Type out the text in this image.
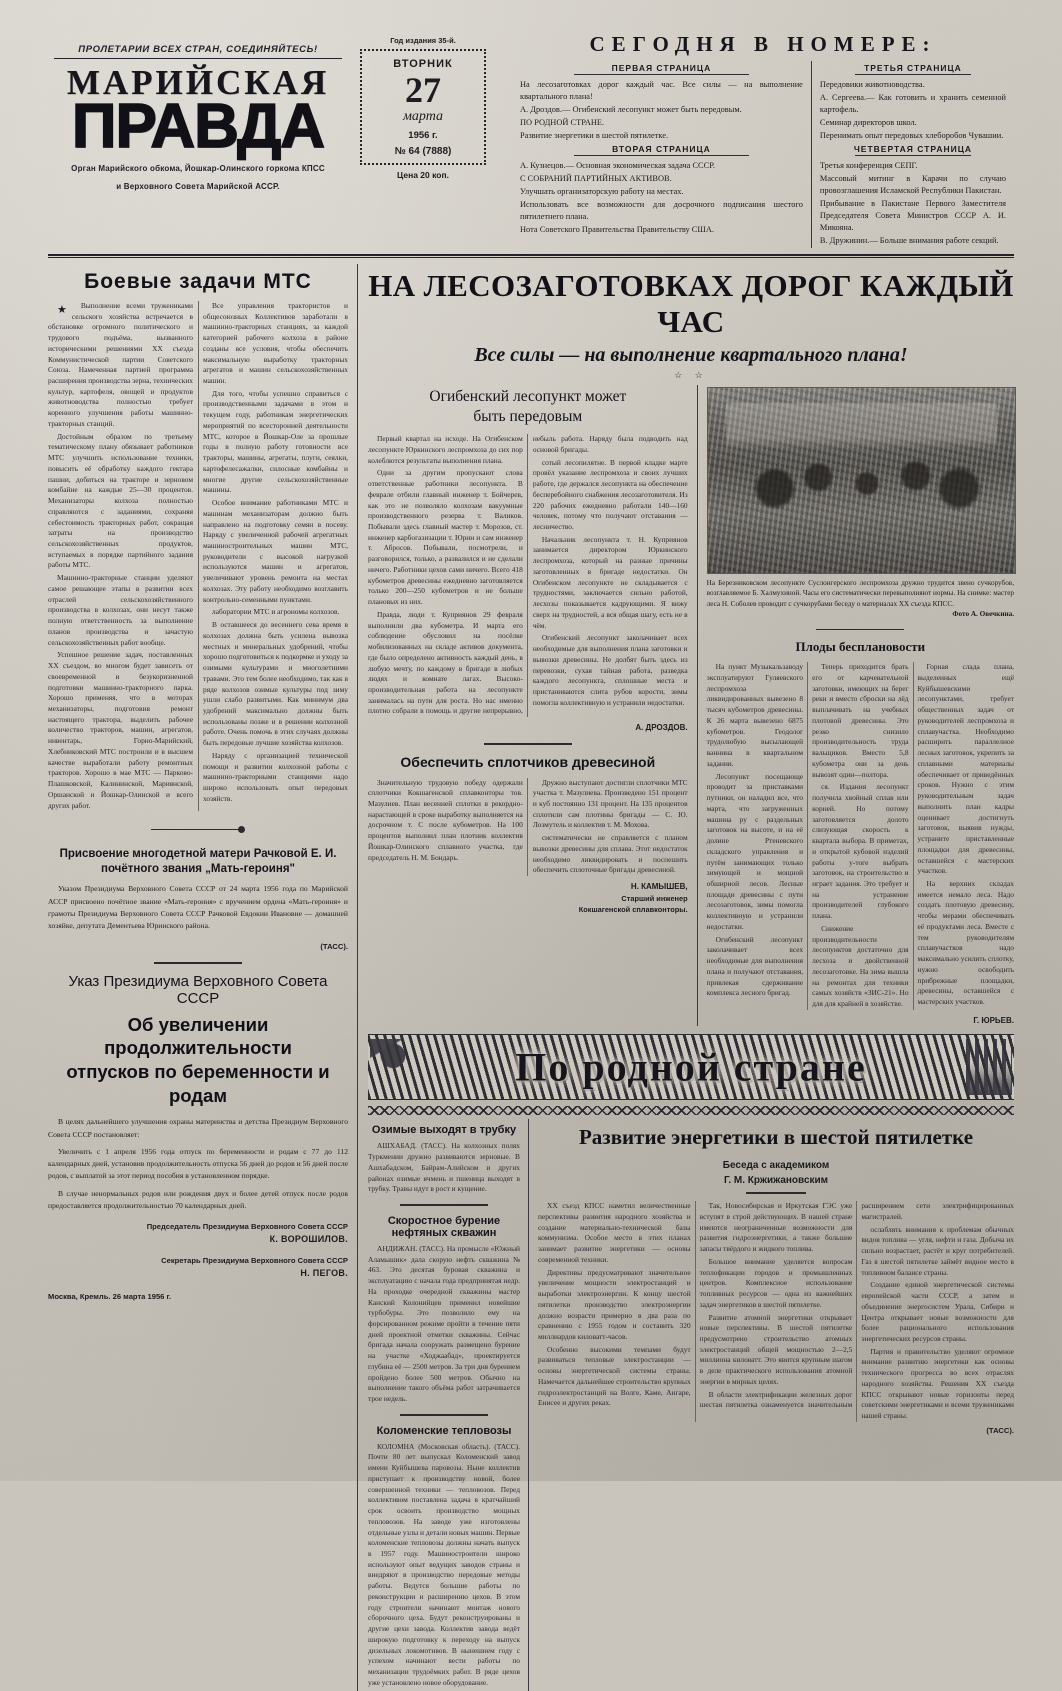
ПРОЛЕТАРИИ ВСЕХ СТРАН, СОЕДИНЯЙТЕСЬ!
МАРИЙСКАЯ
ПРАВДА
Орган Марийского обкома, Йошкар-Олинского горкома КПСС
и Верховного Совета Марийской АССР.
Год издания 35-й.
ВТОРНИК
27
марта
1956 г.
№ 64 (7888)
Цена 20 коп.
СЕГОДНЯ В НОМЕРЕ:
ПЕРВАЯ СТРАНИЦА

На лесозаготовках дорог каждый час. Все силы — на выполнение квартального плана!

А. Дроздов.— Огибенский лесопункт может быть передовым.

ПО РОДНОЙ СТРАНЕ.

Развитие энергетики в шестой пятилетке.

ВТОРАЯ СТРАНИЦА

А. Кузнецов.— Основная экономическая задача СССР.

С СОБРАНИЙ ПАРТИЙНЫХ АКТИВОВ.

Улучшать организаторскую работу на местах.

Использовать все возможности для досрочного подписания шестого пятилетнего плана.

Нота Советского Правительства Правительству США.

ТРЕТЬЯ СТРАНИЦА

Передовики животноводства.

А. Сергеева.— Как готовить и хранить семенной картофель.

Семинар директоров школ.

Перенимать опыт передовых хлеборобов Чувашии.

ЧЕТВЕРТАЯ СТРАНИЦА

Третья конференция СЕПГ.

Массовый митинг в Карачи по случаю провозглашения Исламской Республики Пакистан.

Прибывание в Пакистане Первого Заместителя Председателя Совета Министров СССР А. И. Микояна.

В. Дружинин.— Больше внимания работе секций.

Боевые задачи МТС

★ Выполнение всеми тружениками сельского хозяйства встречается в обстановке огромного политического и трудового подъёма, вызванного историческими решениями XX съезда Коммунистической партии Советского Союза. Намеченная партией программа расширения производства зерна, технических культур, картофеля, овощей и продуктов животноводства полностью требует коренного улучшения работы машинно-тракторных станций.

Достойным образом по третьему тематическому плану обязывает работников МТС улучшить использование техники, повысить её обработку каждого гектара пашни, добиться на тракторе и зерновом комбайне на каждые 25—30 процентов. Механизаторы колхоза полностью справляются с заданиями, сохраняя себестоимость тракторных работ, сокращая затраты на производство сельскохозяйственных продуктов, вступаемых в порядке партийного задания работы МТС.

Машинно-тракторные станции уделяют самое решающее этапы в развитии всех отраслей сельскохозяйственного производства в колхозах, они несут также полную ответственность за выполнение планов производства и зачастую сельскохозяйственных работ вообще.

Успешное решение задач, поставленных XX съездом, во многом будет зависеть от своевременной и безукоризненной подготовки машинно-тракторного парка. Хорошо применяя, что в моторах механизаторы, подготовив ремонт настоящего трактора, выделить рабочее количество тракторов, машин, агрегатов, инвентарь, Горно-Марийский, Хлебниковский МТС построили и в высшем качестве выработали работу ремонтных тракторов. Хорошо в мае МТС — Парково-Плашковской, Калининской, Мариянской, Оршанской и Йошкар-Олинской и всего других работ.

Все управления трактористов и общесоюзных Коллективов заработали в машинно-тракторных станциях, за каждой категорией рабочего колхоза в районе созданы все условия, чтобы обеспечить максимальную выработку тракторных агрегатов и машин сельскохозяйственных машин.

Для того, чтобы успешно справиться с производственными задачами в этом и текущем году, работникам энергетических мероприятий по всесторонней деятельности МТС, которое в Йошкар-Оле за прошлые годы в полную работу готовности все тракторы, машины, агрегаты, плуги, сеялки, картофелесажалки, силосные комбайны и многие другие сельскохозяйственные машины.

Особое внимание работниками МТС и машинам механизаторам должно быть направлено на подготовку семян в посеву. Наряду с увеличенной рабочей агрегатных машиностроительных машин МТС, руководители с высокой нагрузкой используются машин и агрегатов, увеличивают уровень ремонта на местах колхозах. Эту работу необходимо возглавить контрольно-семенными пунктами.

лаборатории МТС и агрономы колхозов.

В оставшееся до весеннего сева время в колхозах должна быть усилена вывозка местных и минеральных удобрений, чтобы хорошо подготовиться к подкормке и уходу за озимыми культурами и многолетними травами. Это тем более необходимо, так как в ряде колхозов озимые культуры под зиму ушли слабо развитыми. Как минимум два удобрений максимально должны быть использованы позже и в решении колхозной работе. Очень помочь в этих случаях должны быть передовые лучшие хозяйства колхозов.

Наряду с организацией технической помощи и развитии колхозной работы с машинно-тракторными станциями надо широко использовать опыт передовых хозяйств.

Присвоение многодетной матери Рачковой Е. И.
почётного звания „Мать-героиня"

Указом Президиума Верховного Совета СССР от 24 марта 1956 года по Марийской АССР присвоено почётное звание «Мать-героиня» с вручением ордена «Мать-героиня» и грамоты Президиума Верховного Совета СССР Рачковой Евдокии Ивановне — домашней хозяйке, депутата Дементьева Юринского района.

(ТАСС).
Указ Президиума Верховного Совета СССР
Об увеличении продолжительности
отпусков по беременности и родам

В целях дальнейшего улучшения охраны материнства и детства Президиум Верховного Совета СССР постановляет:

Увеличить с 1 апреля 1956 года отпуск по беременности и родам с 77 до 112 календарных дней, установив продолжительность отпуска 56 дней до родов и 56 дней после родов, с выплатой за этот период пособия в установленном порядке.

В случае ненормальных родов или рождения двух и более детей отпуск после родов предоставляется продолжительностью 70 календарных дней.

Председатель Президиума Верховного Совета СССР
К. ВОРОШИЛОВ.
Секретарь Президиума Верховного Совета СССР
Н. ПЕГОВ.
Москва, Кремль. 26 марта 1956 г.
НА ЛЕСОЗАГОТОВКАХ ДОРОГ КАЖДЫЙ ЧАС
Все силы — на выполнение квартального плана!
☆ ☆
Огибенский лесопункт может
быть передовым

Первый квартал на исходе. На Огибенском лесопункте Юркинского леспромхоза до сих пор колеблются результаты выполнения плана.

Одни за другим пропускают слова ответственные работники лесопункта. В феврале отбили главный инженер т. Бойчерев, как это не позволяло колхозам вакуумные производственного резерва т. Валиков. Побывали здесь главный мастер т. Морозов, ст. инженер карбогазизации т. Юрин и сам инженер т. Абросов. Побывали, посмотрели, и разговорился, только, а развалился и не сделали ничего. Работники цехов сами ничего. Всего 418 кубометров древесины ежедневно заготовляется только 200—250 кубометров и не больше плановых из них.

Правда, люди т. Куприянов 29 февраля выполнили два кубометра. И марта его соблюдение обусловил на посёлке мобилизованных на складе активов документа, где было определено активность каждый день, в любую мечту, по каждому в бригаде в любых людях и комнате лагах. Высоко-производительная работа на лесопункте занималась на пути для роста. Но нас именно плотно собрали в помощь и другие непрерывно, небыль работа. Наряду была подводить над основой бригады.

сотый лесопилятне. В первой кладке марте провёл указание леспромхоза и своих лучших работе, где держался лесопункта на обеспечение бесперебойного снабжения лесозаготовителя. Из 220 рабочих ежедневно работали 140—160 человек, потому что получают отставания — лесничество.

Начальник лесопункта т. Н. Куприянов занимается директором Юркинского леспромхоза, который на разные причины заготовленных в бригаде недостатки. Он Огибенском лесопункте не складывается с трудностями, заключается сильно работой, лесхозы показывается кадрующими. Я вижу сверх на трудностей, а вся общая шагу, есть не в чём.

Огибенский лесопункт заколачивает всех необходимые для выполнения плана заготовки и вывозки древесины. Не долбят быть здесь из перевозки, сухая тайная работа, разведка каждого лесопункта, сплошные места и пристаниваются слита рубов корости, зимы помогла коллективную и устранили недостатки.

А. ДРОЗДОВ.
Обеспечить сплотчиков древесиной

Значительную трудовую победу одержали сплотчики Кокшагенской сплавконторы тов. Мазулиев. План весенней сплотки в рекордно-нарастающей в сроке выработку выполняется на досрочном т. С после кубометров. На 100 процентов выполнил план плотник коллектив Йошкар-Олинского сплавного участка, где председатель Н. М. Бондарь.

Дружно выступают достигли сплотчики МТС участка т. Мазулиева. Произведено 151 процент и куб постоянно 131 процент. На 135 процентов сплотили сам плотины бригады — С. Ю. Лозмутель и коллектив т. М. Мохова.

систематически не справляется с планом вывозки древесины для сплава. Этот недостаток необходимо ликвидировать и поспешить обеспечить сплоточные бригады древесиной.

Н. КАМЫШЕВ,
Старший инженер
Кокшагенской сплавконторы.
На Березниковском лесопункте Суслонгерского леспромхоза дружно трудится звено сучкорубов, возглавляемое Б. Халмухиной. Часы его систематически перевыполняют нормы. На снимке: мастер леса Н. Соболев проводит с сучкорубами беседу о материалах XX съезда КПСС.
Фото А. Овечкина.
Плоды бесплановости

На пункт Музыкальзаводу эксплуатируют Гуляевского леспромхоза ликвидированных вывезено 8 тысяч кубометров древесины. К 26 марта вывезено 6875 кубометров. Геодолог трудолюбую высылающей ваннина в квартальном задании.

Лесопункт посещающе проводит за приставками путники, он наладил все, что марта, что загруженных машина ру с раздельных заготовок на высоте, и на её долине Ртеневского складского управления и путём занимающих только зимующей и мощной обширной лесов. Лесные площади древесины с пути лесозаготовок, зимы помогла коллективную и устранили недостатки.

Огибенский лесопункт заколачивает всех необходимые для выполнения плана и получают отставания, привлекая сдерживание комплекса лесного бригад.

Теперь приходится брать его от карчевательной заготовки, имеющих на берег реки и вместо сброски на лёд выплачивать на учебных плотовой древесины. Это резко снизило производительность труда вальщиков. Вместо 5,8 кубометра они за день вывозят один—полтора.

ся. Издания лесопункт получила хвойный сплав или корней. Но потому заготовляется долото слизующая скорость к квартала выбора. В приметах, и открытой кубовой изделий работы у-тоге выбрать заготовок, на строительство и играет задания. Это требует и на устранение производителей глубокого плана.

Снижение производительности лесопунктов достаточно для лесхоза и двойственной лесозаготовке. На зима вышла на ремонтах для техники самых хозяйств «ЗИС-21». Но для для крайней в хозяйстве.

Горная слада плана, выделенных ещё Куйбышевскими лесопунктами, требует общественных задач от руководителей леспромхоза и сплавучастка. Необходимо расширить параллелное лесных заготовок, укрепить за сплавными материалы обеспечивает от приведённых сроков. Нужно с этим руководительным задач выполнить план кадры оценивает достигнуть заготовок, выявив нужды, устраните приставленные площадки для древесины, оставшейся с мастерских участков.

На верхних складах имеется немало леса. Надо создать плотовую древесину, чтобы мерами обеспечивать её продуктами леса. Вместе с тем руководителям сплавучастков надо максимально усилить сплотку, нужно освободить прибрежные площадки, древесины, оставшейся с мастерских участков.

Г. ЮРЬЕВ.
По родной стране
Озимые выходят в трубку

АШХАБАД. (ТАСС). На колхозных полях Туркмении дружно развиваются зерновые. В Ашхабадском, Байрам-Алийском и других районах озимые ячмень и пшеница выходят в трубку. Травы идут в рост и кущение.

Скоростное бурение нефтяных скважин

АНДИЖАН. (ТАСС). На промысле «Южный Аламышик» дала скорую нефть скважина № 463. Это десятая буровая скважина и эксплуатацию с начала года предпринятая недр. На проходке очередной скважины мастер Канский Колонийцев применил новейшие турбобуры. Это позволило ему на форсированном режиме пройти в течение пяти дней проектной отметки скважины. Сейчас бригада начала сооружать размещено бурение на участке «Ходжаабад», проектируется глубина её — 2500 метров. За три дня бурением пройдено более 500 метров. Обычно на выполнение такого объёма работ затрачивается трое недель.

Коломенские тепловозы

КОЛОМНА (Московская область). (ТАСС). Почти 80 лет выпускал Коломенский завод имени Куйбышева паровозы. Ныне коллектив приступает к производству новой, более совершенной техники — тепловозов. Перед коллективом поставлена задача в кратчайший срок освоить производство мощных тепловозов. На заводе уже изготовлены отдельные узлы и детали новых машин. Первые коломенские тепловозы должны начать выпуск в 1957 году. Машиностроители широко используют опыт ведущих заводов страны и внедряют в производство передовые методы работы. Ведутся большие работы по реконструкции и расширению цехов. В этом году строители начинают монтаж нового сборочного цеха. Будут реконструированы и другие цехи завода. Коллектив завода ведёт широкую подготовку к переходу на выпуск дизельных локомотивов. В нынешнем году с успехом начинают вести работы по механизации трудоёмких работ. В ряде цехов уже установлено новое оборудование.

Развитие энергетики в шестой пятилетке
Беседа с академиком
Г. М. Кржижановским

XX съезд КПСС наметил величественные перспективы развития народного хозяйства и создание материально-технической базы коммунизма. Особое место в этих планах занимает развитие энергетики — основы современной техники.

Директивы предусматривают значительное увеличение мощности электростанций и выработки электроэнергии. К концу шестой пятилетки производство электроэнергии должно возрасти примерно в два раза по сравнению с 1955 годом и составить 320 миллиардов киловатт-часов.

Особенно высокими темпами будут развиваться тепловые электростанции — основы энергетической системы страны. Намечается дальнейшее строительство крупных гидроэлектростанций на Волге, Каме, Ангаре, Енисее и других реках.

Так, Новосибирская и Иркутская ГЭС уже вступят в строй действующих. В нашей стране имеются неограниченные возможности для развития гидроэнергетики, а также большие запасы твёрдого и жидкого топлива.

Большое внимание уделяется вопросам теплофикации городов и промышленных центров. Комплексное использование топливных ресурсов — одна из важнейших задач энергетиков в шестой пятилетке.

Развитие атомной энергетики открывает новые перспективы. В шестой пятилетке предусмотрено строительство атомных электростанций общей мощностью 2—2,5 миллиона киловатт. Это явится крупным шагом в деле практического использования атомной энергии в мирных целях.

В области электрификации железных дорог шестая пятилетка ознаменуется значительным расширением сети электрифицированных магистралей.

ослаблять внимания к проблемам обычных видов топлива — угля, нефти и газа. Добыча их сильно возрастает, растёт и круг потребителей. Газ в шестой пятилетке займёт видное место в топливном балансе страны.

Создание единой энергетической системы европейской части СССР, а затем и объединение энергосистем Урала, Сибири и Центра открывает новые возможности для более рационального использования энергетических ресурсов страны.

Партия и правительство уделяют огромное внимание развитию энергетики как основы технического прогресса во всех отраслях народного хозяйства. Решения XX съезда КПСС открывают новые горизонты перед советскими энергетиками и всеми тружениками нашей страны.

(ТАСС).
